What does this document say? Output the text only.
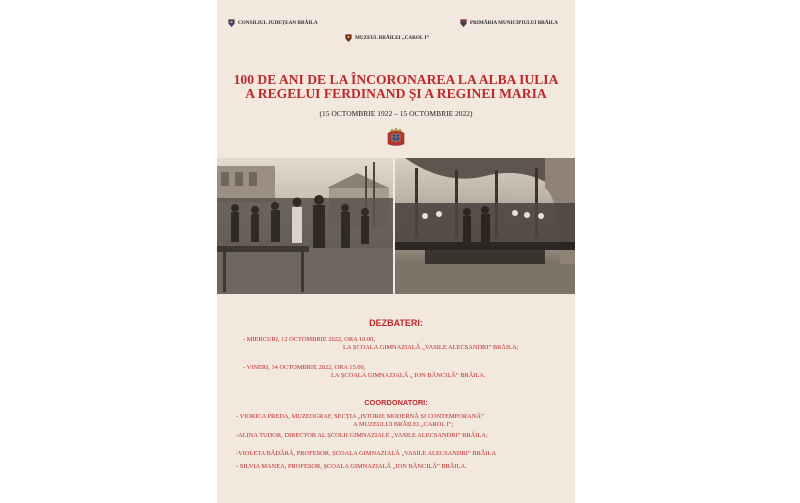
CONSILIUL JUDEȚEAN BRĂILA	PRIMĂRIA MUNICIPIULUI BRĂILA
MUZEUL BRĂILEI „CAROL I”
100 DE ANI DE LA ÎNCORONAREA LA ALBA IULIA
A REGELUI FERDINAND ȘI A REGINEI MARIA
(15 OCTOMBRIE 1922 – 15 OCTOMBRIE 2022)
DEZBATERI:
- MIERCURI, 12 OCTOMBRIE 2022, ORA 10.00,
LA ȘCOALA GIMNAZIALĂ „VASILE ALECSANDRI” BRĂILA;
- VINERI, 14 OCTOMBRIE 2022, ORA 15.00,
LA ȘCOALA GIMNAZIALĂ „ ION BĂNCILĂ” BRĂILA.
COORDONATORI:
- VIORICA PREDA, MUZEOGRAF, SECȚIA „ISTORIE MODERNĂ ȘI CONTEMPORANĂ”
A MUZEULUI BRĂILEI „CAROL I”;
-ALINA TUDOR, DIRECTOR AL ȘCOLII GIMNAZIALE „VASILE ALECSANDRI” BRĂILA;
-VIOLETA BĂDĂRĂ, PROFESOR, ȘCOALA GIMNAZIALĂ „VASILE ALECSANDRI” BRĂILA
- SILVIA MANEA, PROFESOR, ȘCOALA GIMNAZIALĂ „ION BĂNCILĂ” BRĂILA.
